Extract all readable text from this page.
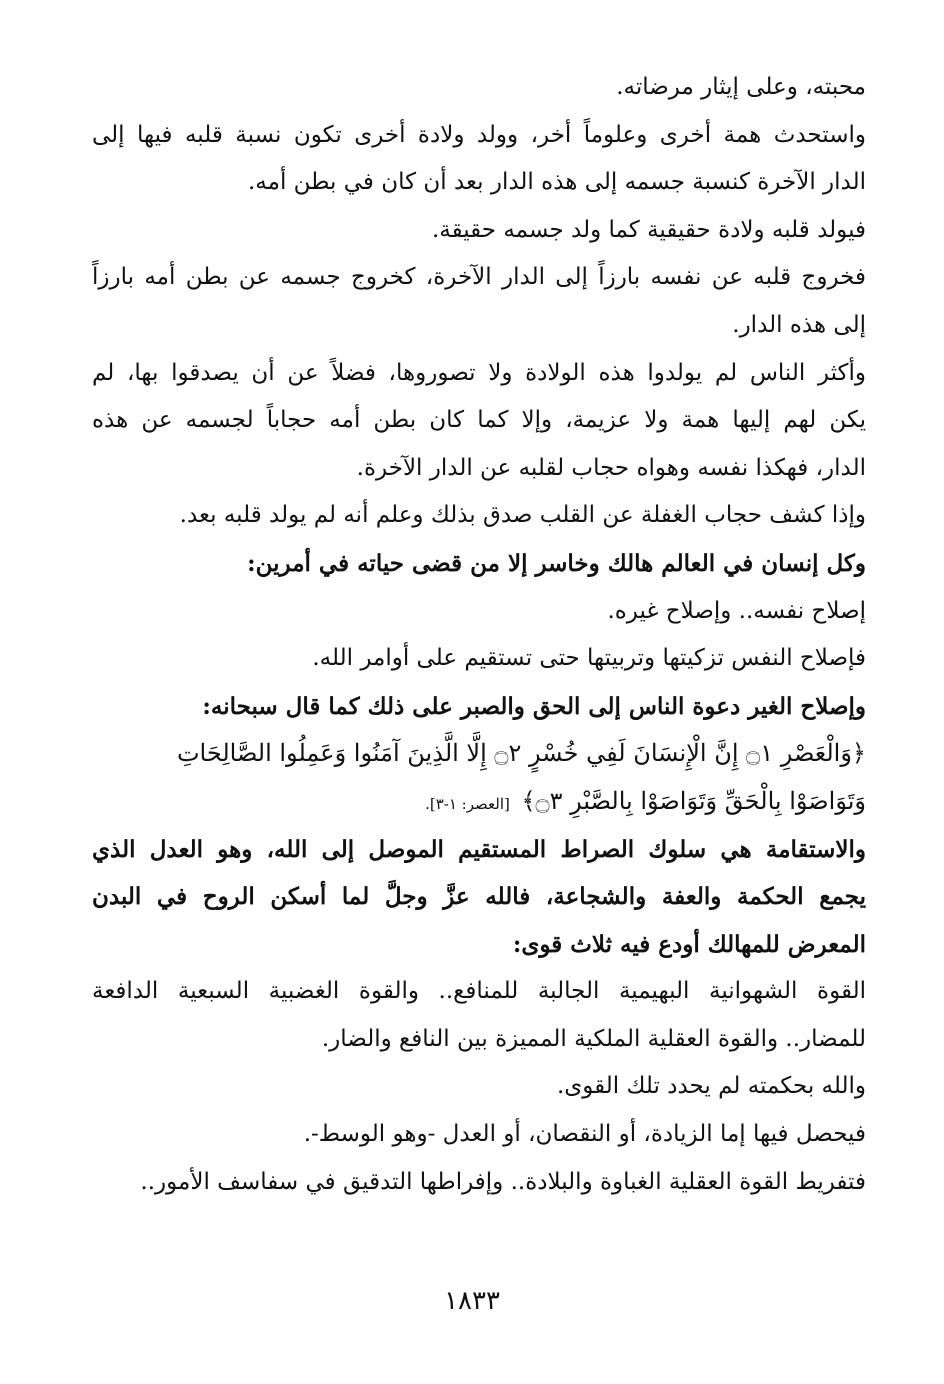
محبته، وعلى إيثار مرضاته.
واستحدث همة أخرى وعلوماً أخر، وولد ولادة أخرى تكون نسبة قلبه فيها إلى
الدار الآخرة كنسبة جسمه إلى هذه الدار بعد أن كان في بطن أمه.
فيولد قلبه ولادة حقيقية كما ولد جسمه حقيقة.
فخروج قلبه عن نفسه بارزاً إلى الدار الآخرة، كخروج جسمه عن بطن أمه بارزاً
إلى هذه الدار.
وأكثر الناس لم يولدوا هذه الولادة ولا تصوروها، فضلاً عن أن يصدقوا بها، لم
يكن لهم إليها همة ولا عزيمة، وإلا كما كان بطن أمه حجاباً لجسمه عن هذه
الدار، فهكذا نفسه وهواه حجاب لقلبه عن الدار الآخرة.
وإذا كشف حجاب الغفلة عن القلب صدق بذلك وعلم أنه لم يولد قلبه بعد.
وكل إنسان في العالم هالك وخاسر إلا من قضى حياته في أمرين:
إصلاح نفسه.. وإصلاح غيره.
فإصلاح النفس تزكيتها وتربيتها حتى تستقيم على أوامر الله.
وإصلاح الغير دعوة الناس إلى الحق والصبر على ذلك كما قال سبحانه:
﴿وَالْعَصْرِ ۝١ إِنَّ الْإِنسَانَ لَفِي خُسْرٍ ۝٢ إِلَّا الَّذِينَ آمَنُوا وَعَمِلُوا الصَّالِحَاتِ
وَتَوَاصَوْا بِالْحَقِّ وَتَوَاصَوْا بِالصَّبْرِ ۝٣﴾ [العصر: ١-٣].
والاستقامة هي سلوك الصراط المستقيم الموصل إلى الله، وهو العدل الذي
يجمع الحكمة والعفة والشجاعة، فالله عزَّ وجلَّ لما أسكن الروح في البدن
المعرض للمهالك أودع فيه ثلاث قوى:
القوة الشهوانية البهيمية الجالبة للمنافع.. والقوة الغضبية السبعية الدافعة
للمضار.. والقوة العقلية الملكية المميزة بين النافع والضار.
والله بحكمته لم يحدد تلك القوى.
فيحصل فيها إما الزيادة، أو النقصان، أو العدل -وهو الوسط-.
فتفريط القوة العقلية الغباوة والبلادة.. وإفراطها التدقيق في سفاسف الأمور..
١٨٣٣
